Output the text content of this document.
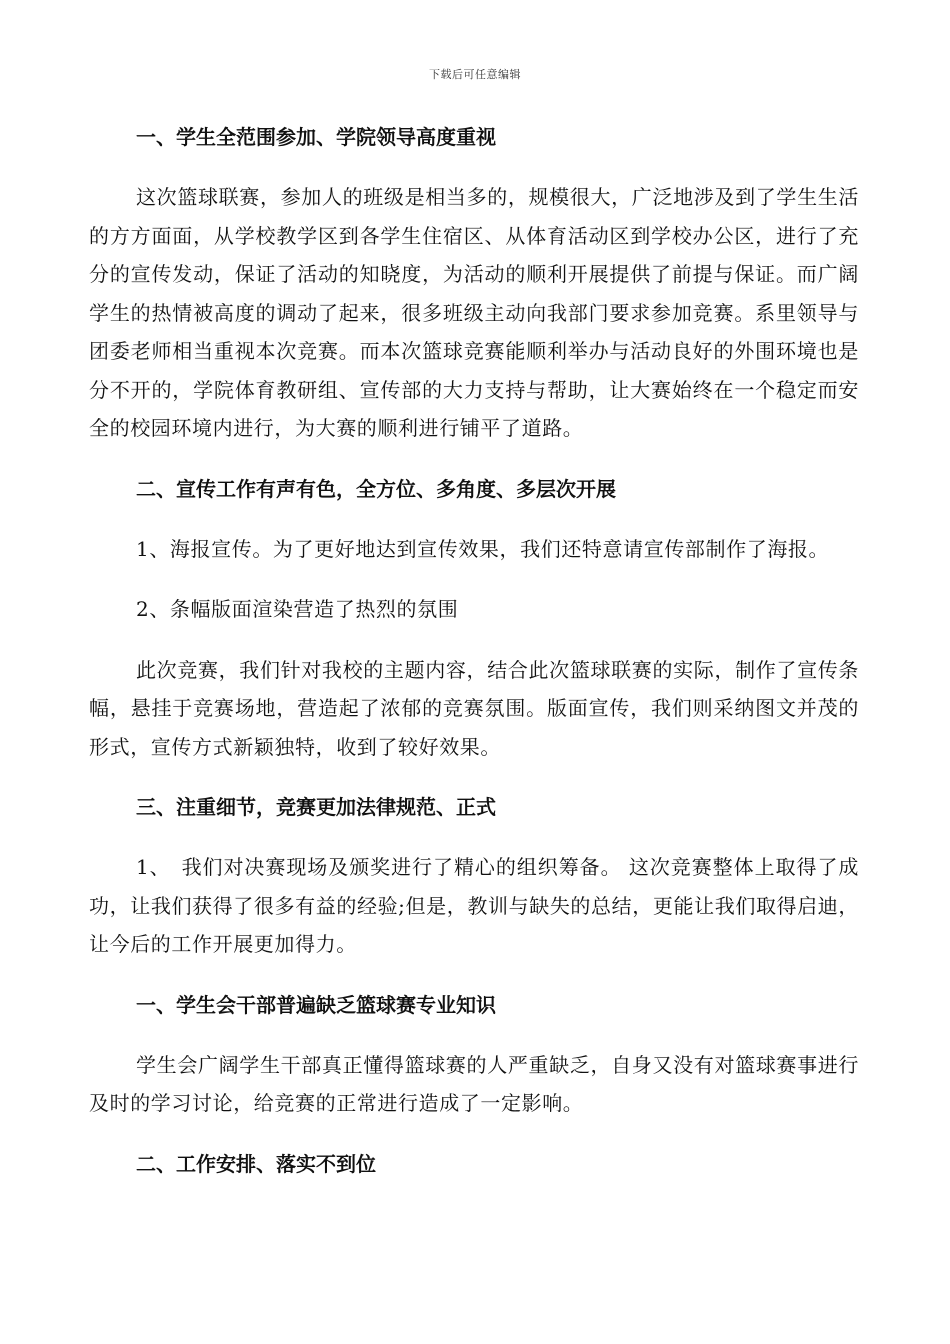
下载后可任意编辑
一、学生全范围参加、学院领导高度重视
这次篮球联赛，参加人的班级是相当多的，规模很大，广泛地涉及到了学生生活的方方面面，从学校教学区到各学生住宿区、从体育活动区到学校办公区，进行了充分的宣传发动，保证了活动的知晓度，为活动的顺利开展提供了前提与保证。而广阔学生的热情被高度的调动了起来，很多班级主动向我部门要求参加竞赛。系里领导与团委老师相当重视本次竞赛。而本次篮球竞赛能顺利举办与活动良好的外围环境也是分不开的，学院体育教研组、宣传部的大力支持与帮助，让大赛始终在一个稳定而安全的校园环境内进行，为大赛的顺利进行铺平了道路。
二、宣传工作有声有色，全方位、多角度、多层次开展
1、海报宣传。为了更好地达到宣传效果，我们还特意请宣传部制作了海报。
2、条幅版面渲染营造了热烈的氛围
此次竞赛，我们针对我校的主题内容，结合此次篮球联赛的实际，制作了宣传条幅，悬挂于竞赛场地，营造起了浓郁的竞赛氛围。版面宣传，我们则采纳图文并茂的形式，宣传方式新颖独特，收到了较好效果。
三、注重细节，竞赛更加法律规范、正式
1、　我们对决赛现场及颁奖进行了精心的组织筹备。 这次竞赛整体上取得了成功，让我们获得了很多有益的经验;但是，教训与缺失的总结，更能让我们取得启迪，让今后的工作开展更加得力。
一、学生会干部普遍缺乏篮球赛专业知识
学生会广阔学生干部真正懂得篮球赛的人严重缺乏，自身又没有对篮球赛事进行及时的学习讨论，给竞赛的正常进行造成了一定影响。
二、工作安排、落实不到位
